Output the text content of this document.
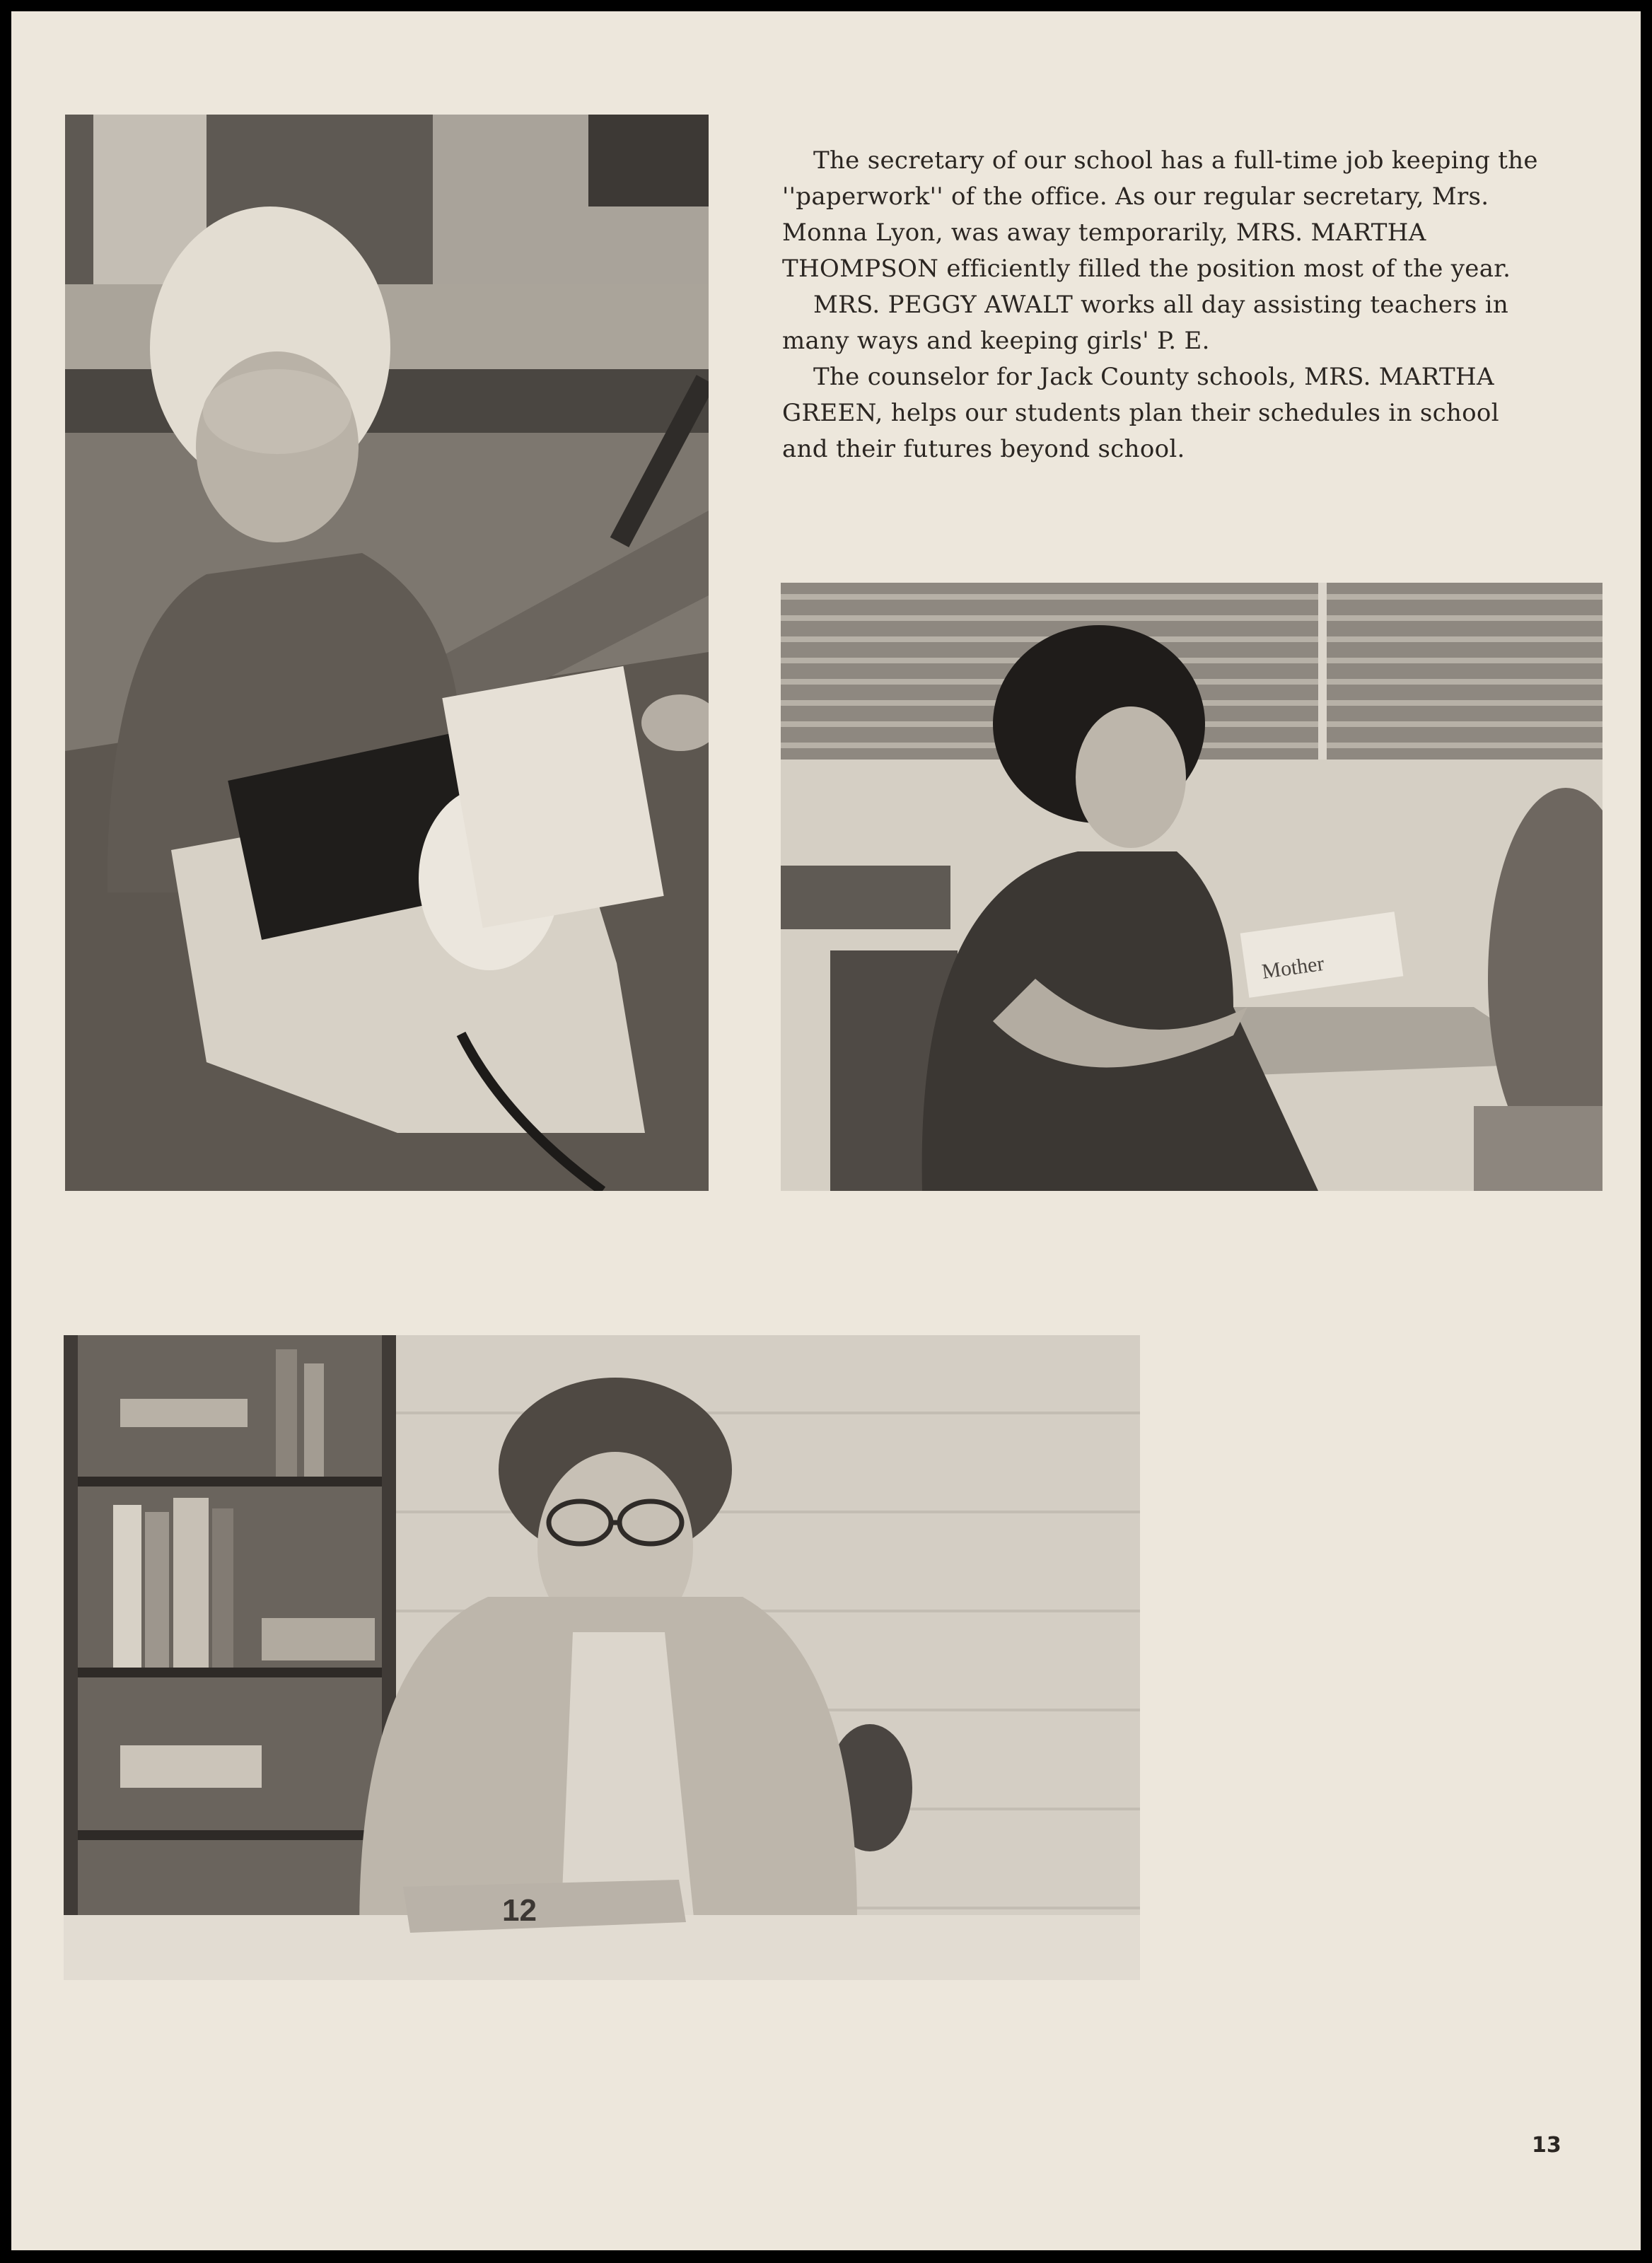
The secretary of our school has a full-time job keeping the ''paperwork'' of the office. As our regular secretary, Mrs. Monna Lyon, was away temporarily, MRS. MARTHA THOMPSON efficiently filled the position most of the year.

MRS. PEGGY AWALT works all day assisting teachers in many ways and keeping girls' P. E.

The counselor for Jack County schools, MRS. MARTHA GREEN, helps our students plan their schedules in school and their futures beyond school.

Mother
12
13
